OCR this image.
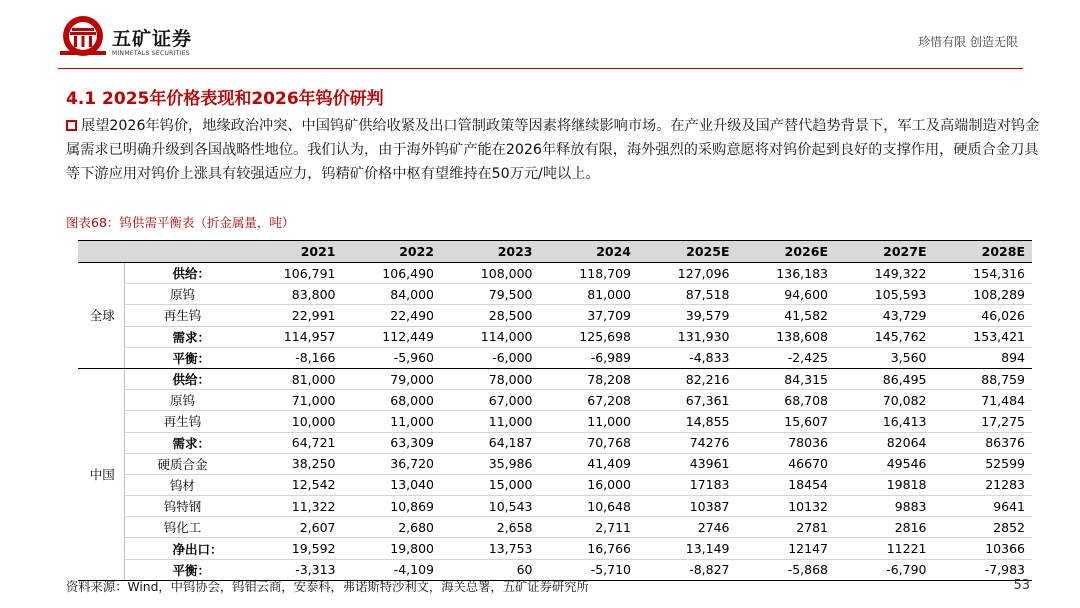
五矿证券
MINMETALS SECURITIES
珍惜有限 创造无限
4.1 2025年价格表现和2026年钨价研判
展望2026年钨价，地缘政治冲突、中国钨矿供给收紧及出口管制政策等因素将继续影响市场。在产业升级及国产替代趋势背景下，军工及高端制造对钨金属需求已明确升级到各国战略性地位。我们认为，由于海外钨矿产能在2026年释放有限，海外强烈的采购意愿将对钨价起到良好的支撑作用，硬质合金刀具等下游应用对钨价上涨具有较强适应力，钨精矿价格中枢有望维持在50万元/吨以上。
图表68：钨供需平衡表（折金属量，吨）
		2021	2022	2023	2024	2025E	2026E	2027E	2028E
全球	供给：	106,791	106,490	108,000	118,709	127,096	136,183	149,322	154,316

	原钨	83,800	84,000	79,500	81,000	87,518	94,600	105,593	108,289

	再生钨	22,991	22,490	28,500	37,709	39,579	41,582	43,729	46,026
	需求：	114,957	112,449	114,000	125,698	131,930	138,608	145,762	153,421
	平衡：	-8,166	-5,960	-6,000	-6,989	-4,833	-2,425	3,560	894
中国	供给：	81,000	79,000	78,000	78,208	82,216	84,315	86,495	88,759

	原钨	71,000	68,000	67,000	67,208	67,361	68,708	70,082	71,484

	再生钨	10,000	11,000	11,000	11,000	14,855	15,607	16,413	17,275
	需求：	64,721	63,309	64,187	70,768	74276	78036	82064	86376

	硬质合金	38,250	36,720	35,986	41,409	43961	46670	49546	52599

	钨材	12,542	13,040	15,000	16,000	17183	18454	19818	21283

	钨特钢	11,322	10,869	10,543	10,648	10387	10132	9883	9641

	钨化工	2,607	2,680	2,658	2,711	2746	2781	2816	2852
	净出口：	19,592	19,800	13,753	16,766	13,149	12147	11221	10366
	平衡：	-3,313	-4,109	60	-5,710	-8,827	-5,868	-6,790	-7,983
资料来源：Wind，中钨协会，钨钼云商，安泰科，弗诺斯特沙利文，海关总署，五矿证券研究所	53
